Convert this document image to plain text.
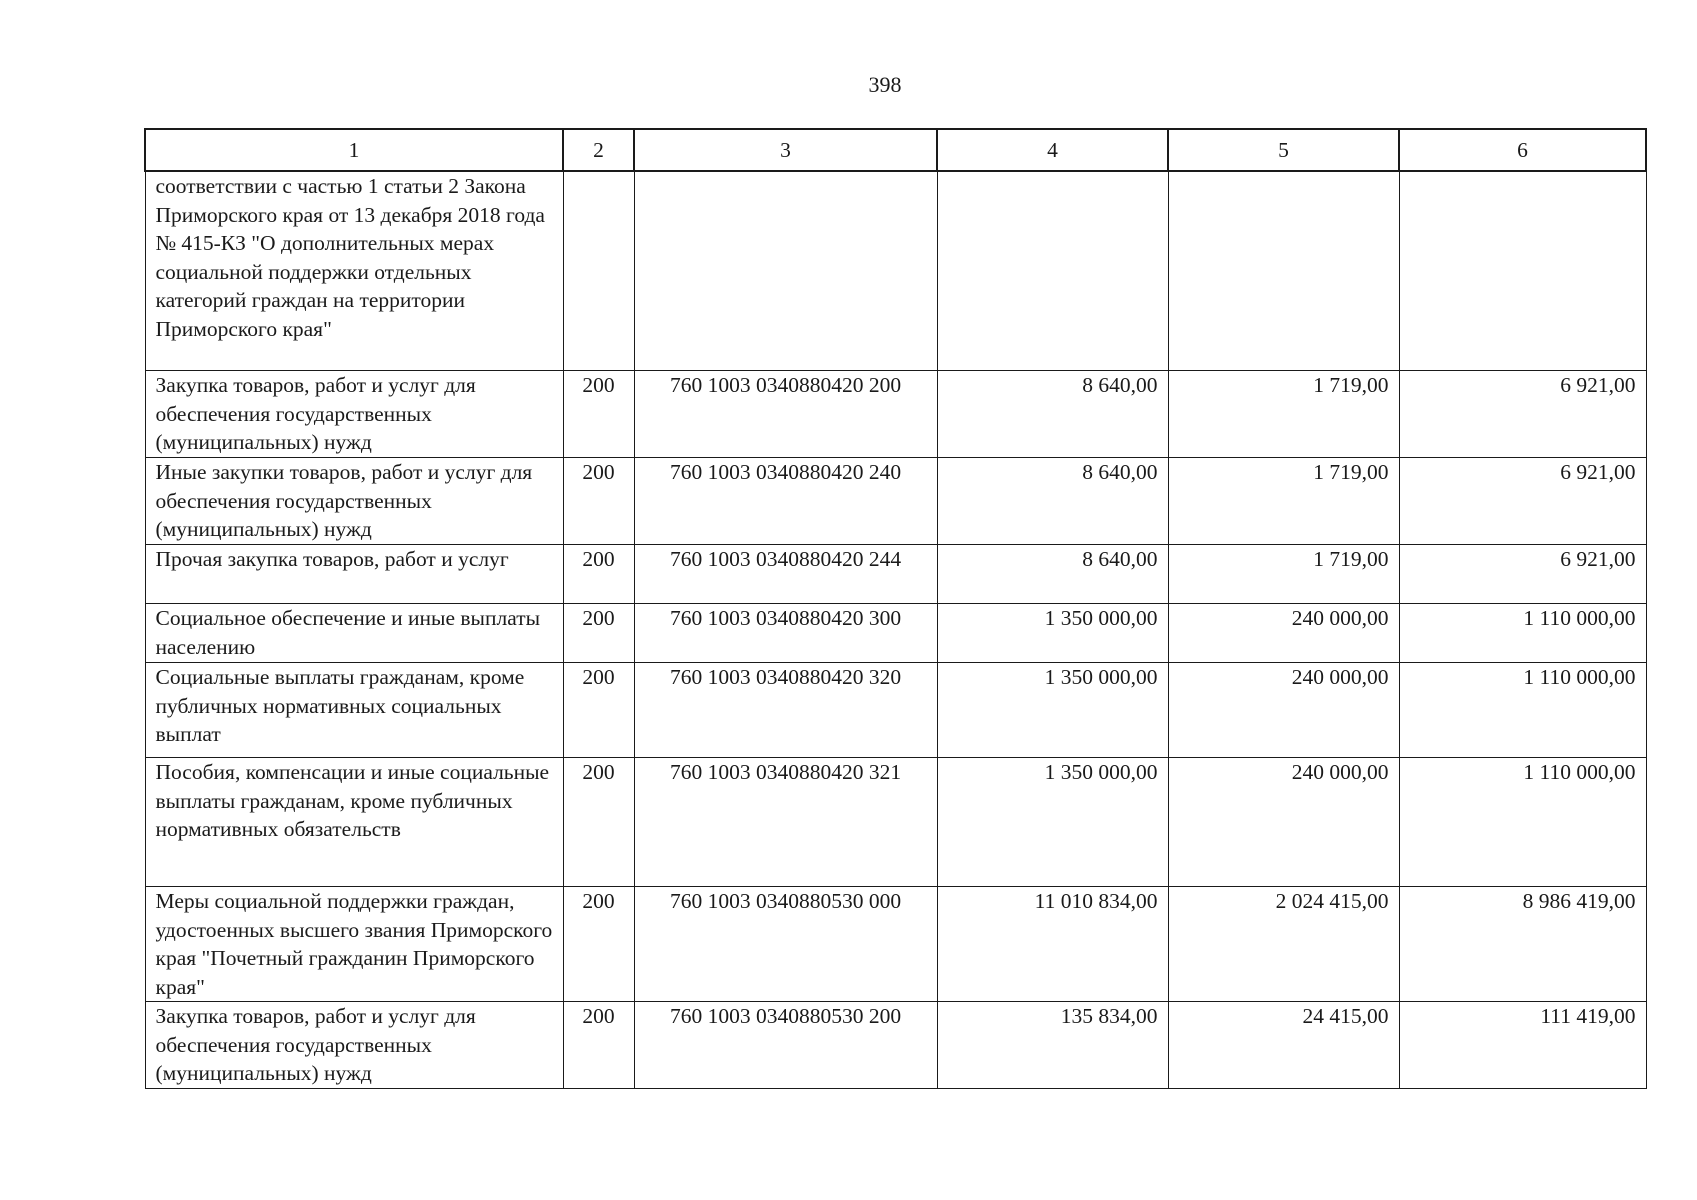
398
1	2	3	4	5	6
соответствии с частью 1 статьи 2 Закона Приморского края от 13 декабря 2018 года № 415-КЗ "О дополнительных мерах социальной поддержки отдельных категорий граждан на территории Приморского края"					
Закупка товаров, работ и услуг для обеспечения государственных (муниципальных) нужд	200	760 1003 0340880420 200	8 640,00	1 719,00	6 921,00
Иные закупки товаров, работ и услуг для обеспечения государственных (муниципальных) нужд	200	760 1003 0340880420 240	8 640,00	1 719,00	6 921,00
Прочая закупка товаров, работ и услуг	200	760 1003 0340880420 244	8 640,00	1 719,00	6 921,00
Социальное обеспечение и иные выплаты населению	200	760 1003 0340880420 300	1 350 000,00	240 000,00	1 110 000,00
Социальные выплаты гражданам, кроме публичных нормативных социальных выплат	200	760 1003 0340880420 320	1 350 000,00	240 000,00	1 110 000,00
Пособия, компенсации и иные социальные выплаты гражданам, кроме публичных нормативных обязательств	200	760 1003 0340880420 321	1 350 000,00	240 000,00	1 110 000,00
Меры социальной поддержки граждан, удостоенных высшего звания Приморского края "Почетный гражданин Приморского края"	200	760 1003 0340880530 000	11 010 834,00	2 024 415,00	8 986 419,00
Закупка товаров, работ и услуг для обеспечения государственных (муниципальных) нужд	200	760 1003 0340880530 200	135 834,00	24 415,00	111 419,00
